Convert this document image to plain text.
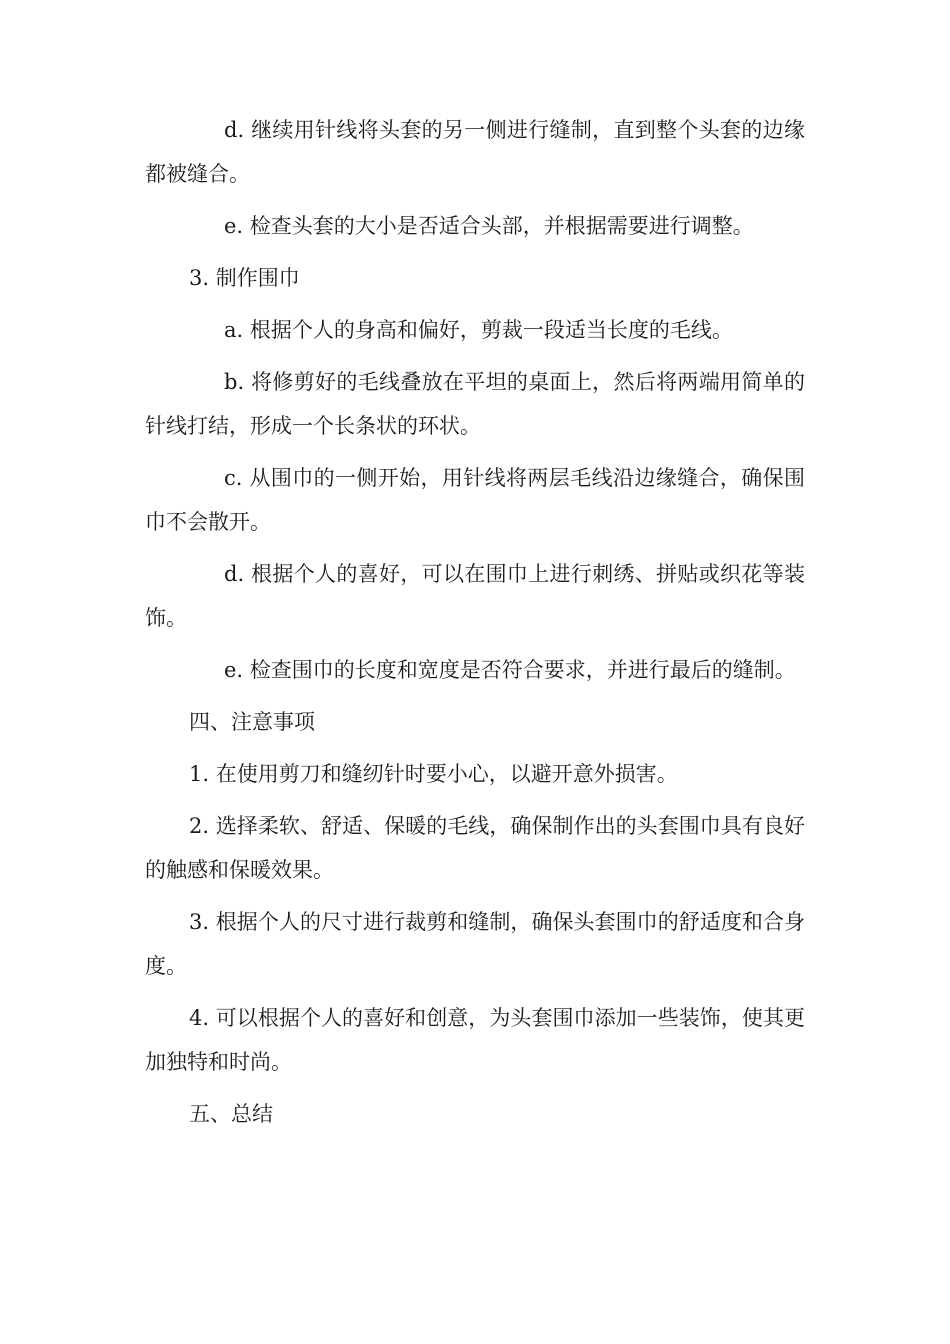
d. 继续用针线将头套的另一侧进行缝制，直到整个头套的边缘都被缝合。

e. 检查头套的大小是否适合头部，并根据需要进行调整。

3. 制作围巾

a. 根据个人的身高和偏好，剪裁一段适当长度的毛线。

b. 将修剪好的毛线叠放在平坦的桌面上，然后将两端用简单的针线打结，形成一个长条状的环状。

c. 从围巾的一侧开始，用针线将两层毛线沿边缘缝合，确保围巾不会散开。

d. 根据个人的喜好，可以在围巾上进行刺绣、拼贴或织花等装饰。

e. 检查围巾的长度和宽度是否符合要求，并进行最后的缝制。

四、注意事项

1. 在使用剪刀和缝纫针时要小心，以避开意外损害。

2. 选择柔软、舒适、保暖的毛线，确保制作出的头套围巾具有良好的触感和保暖效果。

3. 根据个人的尺寸进行裁剪和缝制，确保头套围巾的舒适度和合身度。

4. 可以根据个人的喜好和创意，为头套围巾添加一些装饰，使其更加独特和时尚。

五、总结
